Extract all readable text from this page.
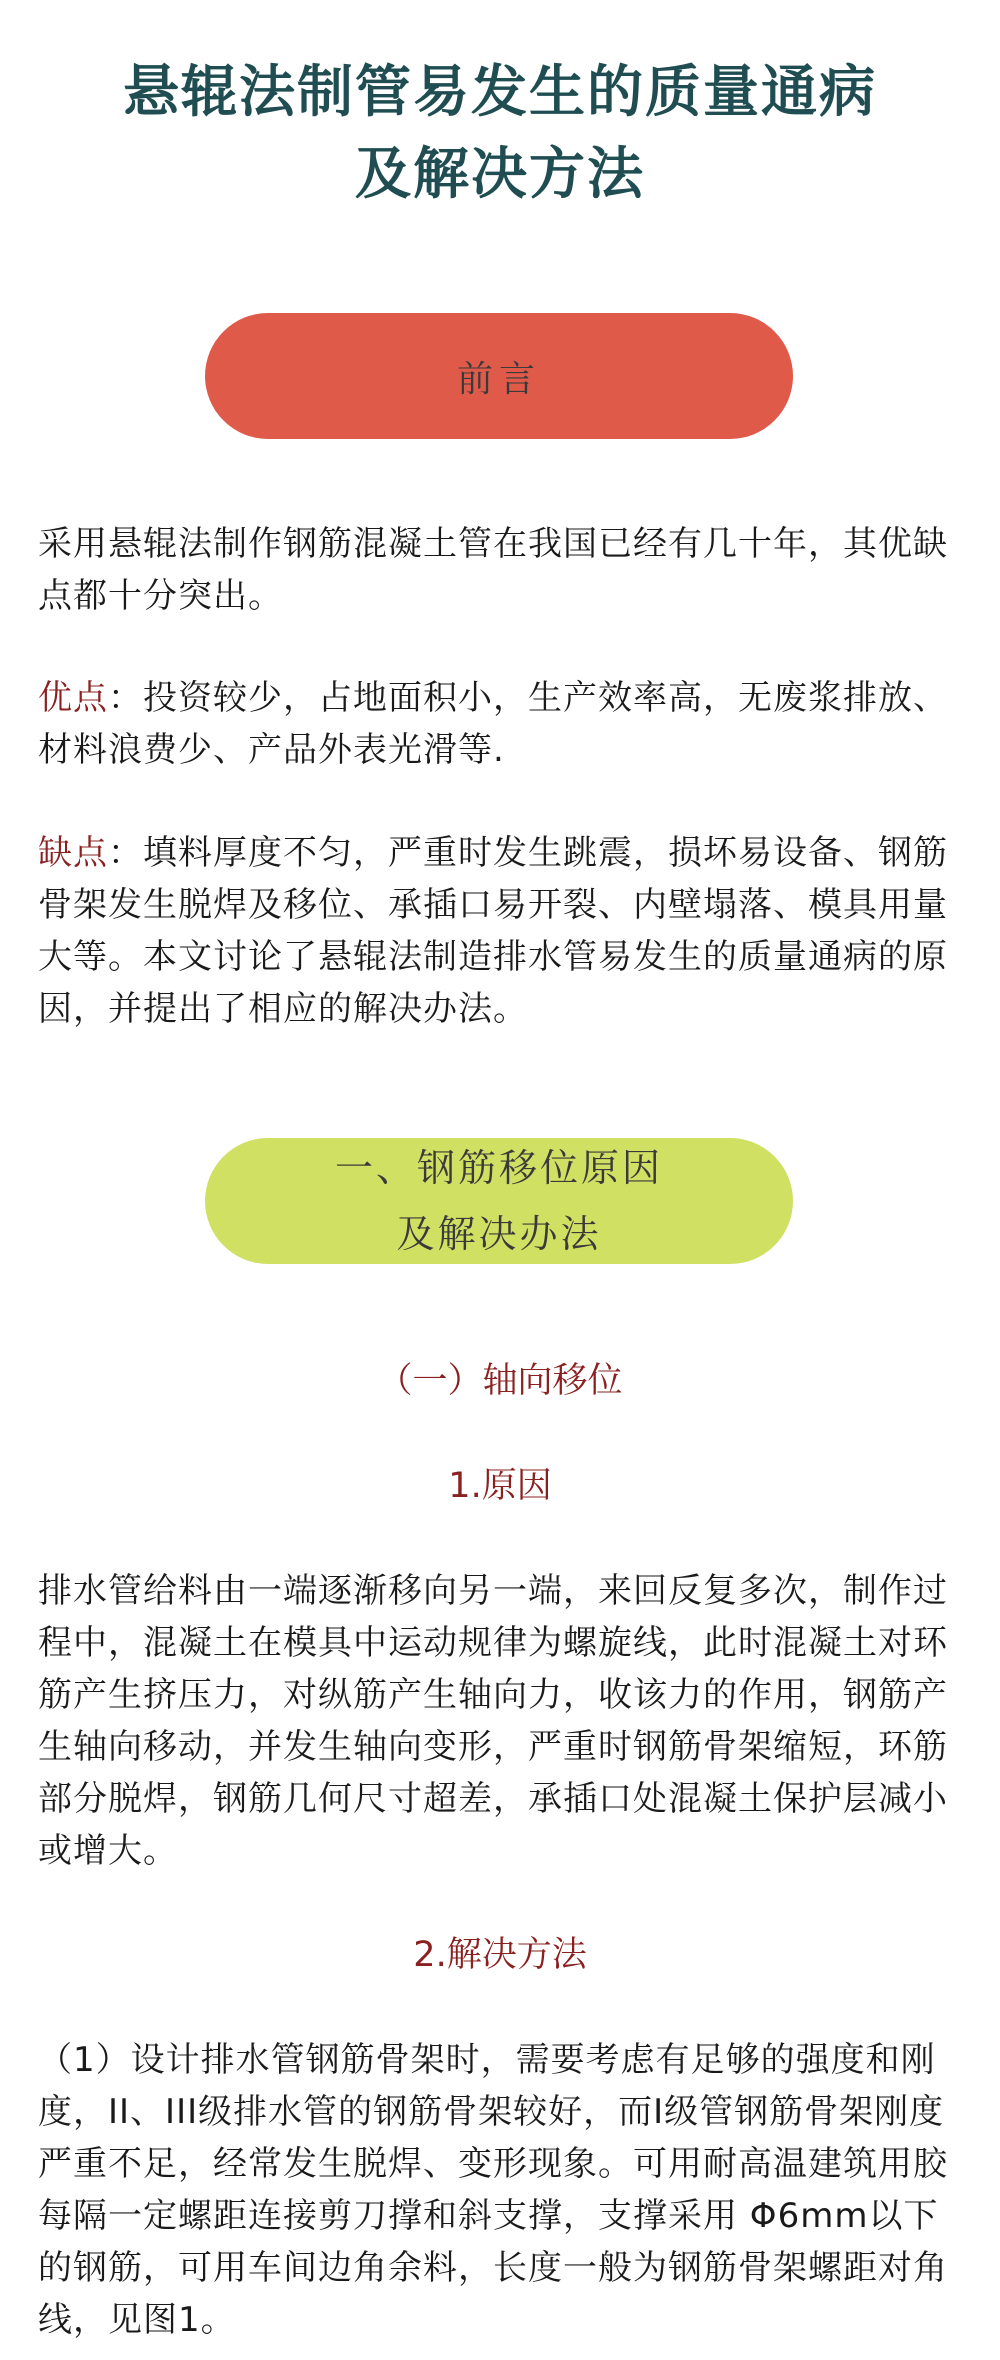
悬辊法制管易发生的质量通病
及解决方法
前言

采用悬辊法制作钢筋混凝土管在我国已经有几十年，其优缺点都十分突出。

优点：投资较少，占地面积小，生产效率高，无废浆排放、材料浪费少、产品外表光滑等.

缺点：填料厚度不匀，严重时发生跳震，损坏易设备、钢筋骨架发生脱焊及移位、承插口易开裂、内壁塌落、模具用量大等。本文讨论了悬辊法制造排水管易发生的质量通病的原因，并提出了相应的解决办法。

一、钢筋移位原因
及解决办法

（一）轴向移位

1.原因

排水管给料由一端逐渐移向另一端，来回反复多次，制作过程中，混凝土在模具中运动规律为螺旋线，此时混凝土对环筋产生挤压力，对纵筋产生轴向力，收该力的作用，钢筋产生轴向移动，并发生轴向变形，严重时钢筋骨架缩短，环筋部分脱焊，钢筋几何尺寸超差，承插口处混凝土保护层减小或增大。

2.解决方法

（1）设计排水管钢筋骨架时，需要考虑有足够的强度和刚度，II、III级排水管的钢筋骨架较好，而I级管钢筋骨架刚度严重不足，经常发生脱焊、变形现象。可用耐高温建筑用胶每隔一定螺距连接剪刀撑和斜支撑，支撑采用 Φ6mm以下的钢筋，可用车间边角余料，长度一般为钢筋骨架螺距对角线，见图1。
